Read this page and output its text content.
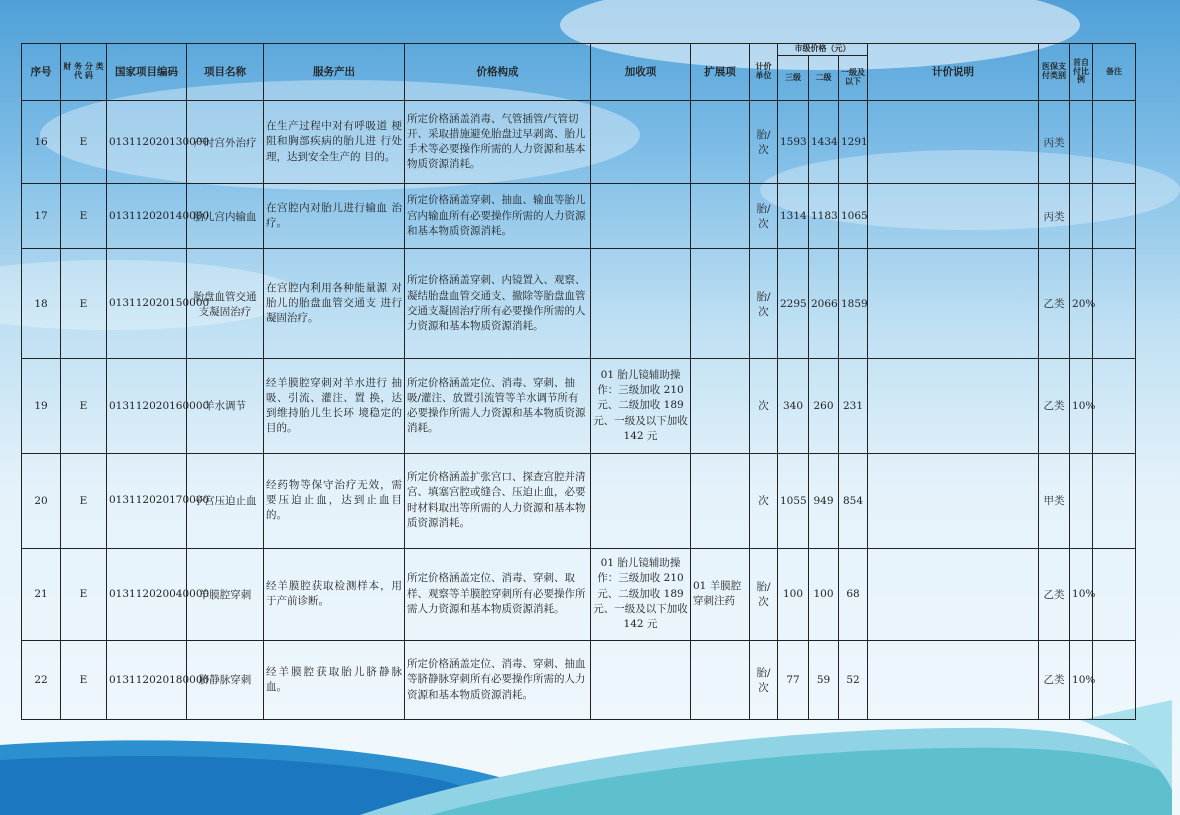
序号	财 务 分 类 代 码	国家项目编码	项目名称	服务产出	价格构成	加收项	扩展项	计价单位	市级价格（元）			计价说明	医保支付类别	首自付比例	备注
									三级	二级	一级及以下				
16	E	013112020130000	产时宫外治疗	在生产过程中对有呼吸道 梗阻和胸部疾病的胎儿进 行处理，达到安全生产的 目的。	所定价格涵盖消毒、气管插管/气管切开、采取措施避免胎盘过早剥离、胎儿手术等必要操作所需的人力资源和基本物质资源消耗。			胎/次	1593	1434	1291		丙类		
17	E	013112020140000	胎儿宫内输血	在宫腔内对胎儿进行输血 治疗。	所定价格涵盖穿刺、抽血、输血等胎儿宫内输血所有必要操作所需的人力资源和基本物质资源消耗。			胎/次	1314	1183	1065		丙类		
18	E	013112020150000	胎盘血管交通支凝固治疗	在宫腔内利用各种能量源 对胎儿的胎盘血管交通支 进行凝固治疗。	所定价格涵盖穿刺、内镜置入、观察、凝结胎盘血管交通支、撤除等胎盘血管交通支凝固治疗所有必要操作所需的人力资源和基本物质资源消耗。			胎/次	2295	2066	1859		乙类	20%	
19	E	013112020160000	羊水调节	经羊膜腔穿刺对羊水进行 抽吸、引流、灌注、置 换，达到维持胎儿生长环 境稳定的目的。	所定价格涵盖定位、消毒、穿刺、抽吸/灌注、放置引流管等羊水调节所有必要操作所需人力资源和基本物质资源消耗。	01 胎儿镜辅助操作：三级加收 210 元、二级加收 189 元、一级及以下加收 142 元		次	340	260	231		乙类	10%	
20	E	013112020170000	子宫压迫止血	经药物等保守治疗无效，需要压迫止血，达到止血目的。	所定价格涵盖扩张宫口、探查宫腔并清宫、填塞宫腔或缝合、压迫止血，必要时材料取出等所需的人力资源和基本物质资源消耗。			次	1055	949	854		甲类		
21	E	013112020040000	羊膜腔穿刺	经羊膜腔获取检测样本，用于产前诊断。	所定价格涵盖定位、消毒、穿刺、取样、观察等羊膜腔穿刺所有必要操作所需人力资源和基本物质资源消耗。	01 胎儿镜辅助操作：三级加收 210 元、二级加收 189 元、一级及以下加收 142 元	01 羊膜腔穿刺注药	胎/次	100	100	68		乙类	10%	
22	E	013112020180000	脐静脉穿刺	经羊膜腔获取胎儿脐静脉 血。	所定价格涵盖定位、消毒、穿刺、抽血等脐静脉穿刺所有必要操作所需的人力资源和基本物质资源消耗。			胎/次	77	59	52		乙类	10%	
